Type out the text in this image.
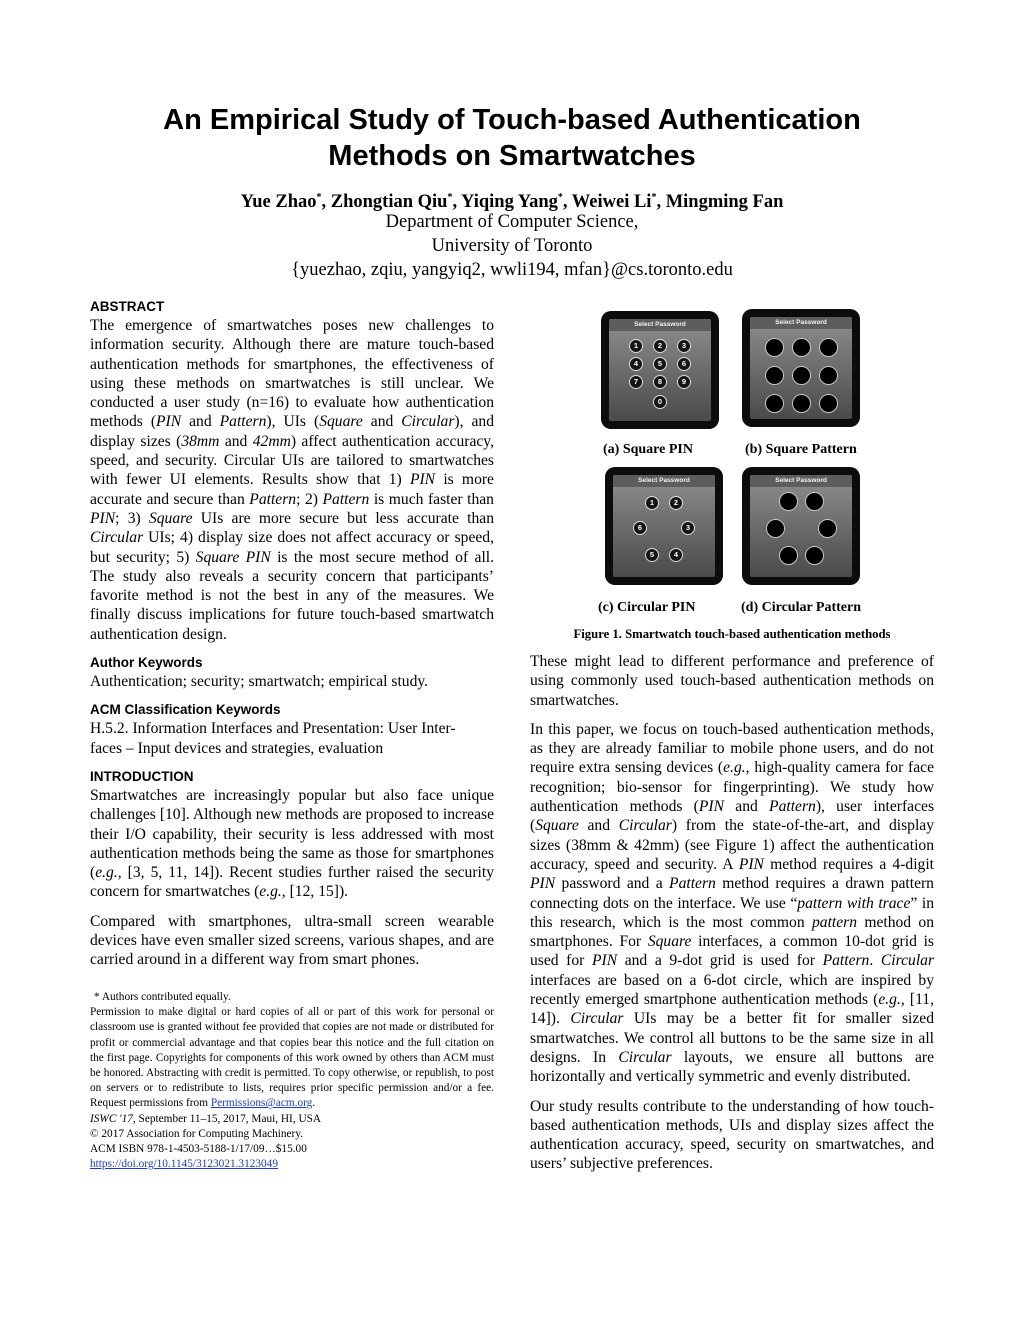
An Empirical Study of Touch-based Authentication
Methods on Smartwatches
Yue Zhao*, Zhongtian Qiu*, Yiqing Yang*, Weiwei Li*, Mingming Fan
Department of Computer Science,
University of Toronto
{yuezhao, zqiu, yangyiq2, wwli194, mfan}@cs.toronto.edu
ABSTRACT

The emergence of smartwatches poses new challenges to information security. Although there are mature touch-based authentication methods for smartphones, the effectiveness of using these methods on smartwatches is still unclear. We conducted a user study (n=16) to evaluate how authentication methods (PIN and Pattern), UIs (Square and Circular), and display sizes (38mm and 42mm) affect authentication accuracy, speed, and security. Circular UIs are tailored to smartwatches with fewer UI elements. Results show that 1) PIN is more accurate and secure than Pattern; 2) Pattern is much faster than PIN; 3) Square UIs are more secure but less accurate than Circular UIs; 4) display size does not affect accuracy or speed, but security; 5) Square PIN is the most secure method of all. The study also reveals a security concern that participants’ favorite method is not the best in any of the measures. We finally discuss implications for future touch-based smartwatch authentication design.

Author Keywords

Authentication; security; smartwatch; empirical study.

ACM Classification Keywords

H.5.2. Information Interfaces and Presentation: User Inter-
faces – Input devices and strategies, evaluation

INTRODUCTION

Smartwatches are increasingly popular but also face unique challenges [10]. Although new methods are proposed to increase their I/O capability, their security is less addressed with most authentication methods being the same as those for smartphones (e.g., [3, 5, 11, 14]). Recent studies further raised the security concern for smartwatches (e.g., [12, 15]).

Compared with smartphones, ultra-small screen wearable devices have even smaller sized screens, various shapes, and are carried around in a different way from smart phones.

* Authors contributed equally.

Permission to make digital or hard copies of all or part of this work for personal or classroom use is granted without fee provided that copies are not made or distributed for profit or commercial advantage and that copies bear this notice and the full citation on the first page. Copyrights for components of this work owned by others than ACM must be honored. Abstracting with credit is permitted. To copy otherwise, or republish, to post on servers or to redistribute to lists, requires prior specific permission and/or a fee. Request permissions from Permissions@acm.org.

ISWC '17, September 11–15, 2017, Maui, HI, USA

© 2017 Association for Computing Machinery.

ACM ISBN 978-1-4503-5188-1/17/09…$15.00

https://doi.org/10.1145/3123021.3123049

Select Password
1	2	3
4	5	6
7	8	9
0
Select Password
Select Password
1	2
3
4
5
6
Select Password
(a) Square PIN	(b) Square Pattern
(c) Circular PIN	(d) Circular Pattern
Figure 1. Smartwatch touch-based authentication methods

These might lead to different performance and preference of using commonly used touch-based authentication methods on smartwatches.

In this paper, we focus on touch-based authentication methods, as they are already familiar to mobile phone users, and do not require extra sensing devices (e.g., high-quality camera for face recognition; bio-sensor for fingerprinting). We study how authentication methods (PIN and Pattern), user interfaces (Square and Circular) from the state-of-the-art, and display sizes (38mm & 42mm) (see Figure 1) affect the authentication accuracy, speed and security. A PIN method requires a 4-digit PIN password and a Pattern method requires a drawn pattern connecting dots on the interface. We use “pattern with trace” in this research, which is the most common pattern method on smartphones. For Square interfaces, a common 10-dot grid is used for PIN and a 9-dot grid is used for Pattern. Circular interfaces are based on a 6-dot circle, which are inspired by recently emerged smartphone authentication methods (e.g., [11, 14]). Circular UIs may be a better fit for smaller sized smartwatches. We control all buttons to be the same size in all designs. In Circular layouts, we ensure all buttons are horizontally and vertically symmetric and evenly distributed.

Our study results contribute to the understanding of how touch-based authentication methods, UIs and display sizes affect the authentication accuracy, speed, security on smartwatches, and users’ subjective preferences.
